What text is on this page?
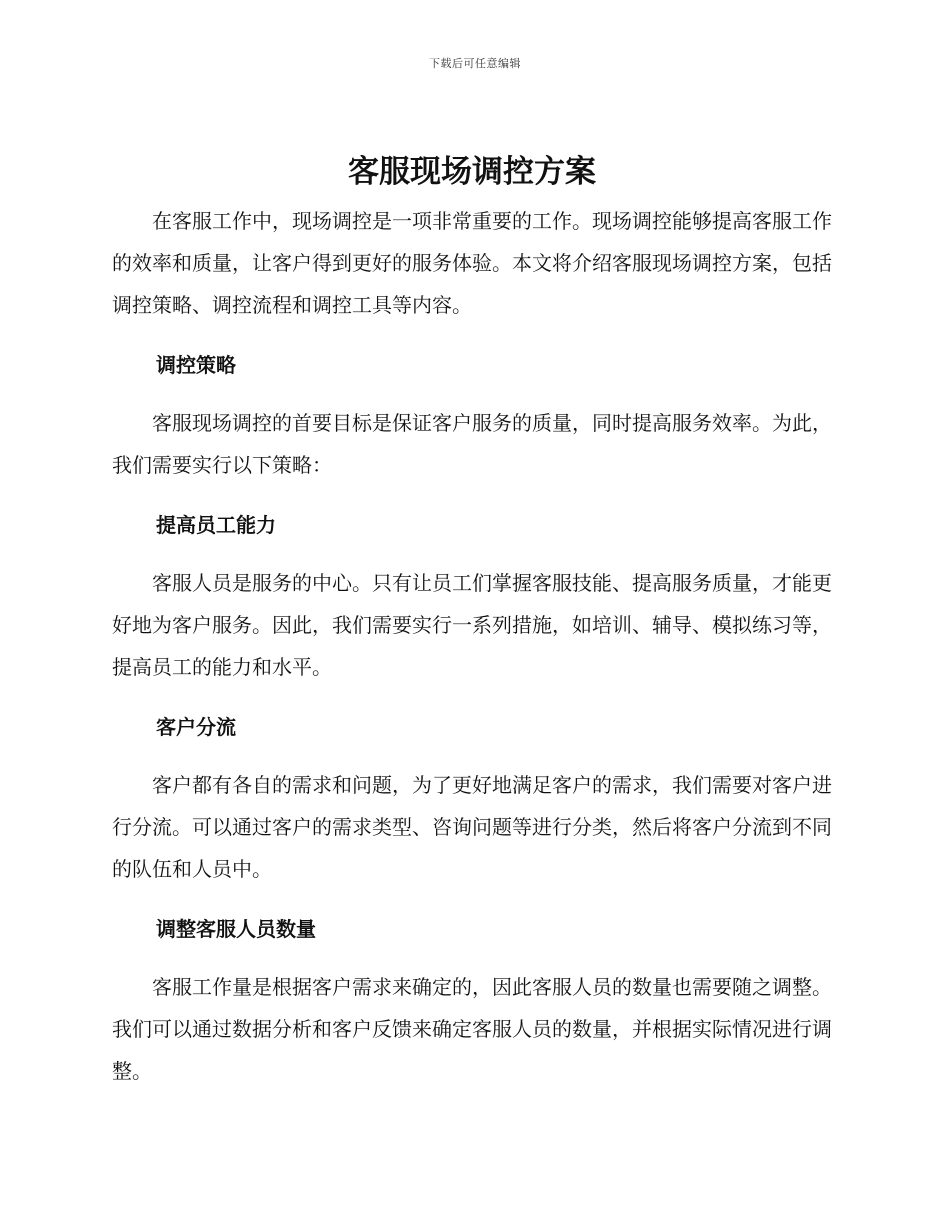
下载后可任意编辑
客服现场调控方案

在客服工作中，现场调控是一项非常重要的工作。现场调控能够提高客服工作的效率和质量，让客户得到更好的服务体验。本文将介绍客服现场调控方案，包括调控策略、调控流程和调控工具等内容。

调控策略

客服现场调控的首要目标是保证客户服务的质量，同时提高服务效率。为此，我们需要实行以下策略：

提高员工能力

客服人员是服务的中心。只有让员工们掌握客服技能、提高服务质量，才能更好地为客户服务。因此，我们需要实行一系列措施，如培训、辅导、模拟练习等，提高员工的能力和水平。

客户分流

客户都有各自的需求和问题，为了更好地满足客户的需求，我们需要对客户进行分流。可以通过客户的需求类型、咨询问题等进行分类，然后将客户分流到不同的队伍和人员中。

调整客服人员数量

客服工作量是根据客户需求来确定的，因此客服人员的数量也需要随之调整。我们可以通过数据分析和客户反馈来确定客服人员的数量，并根据实际情况进行调整。
